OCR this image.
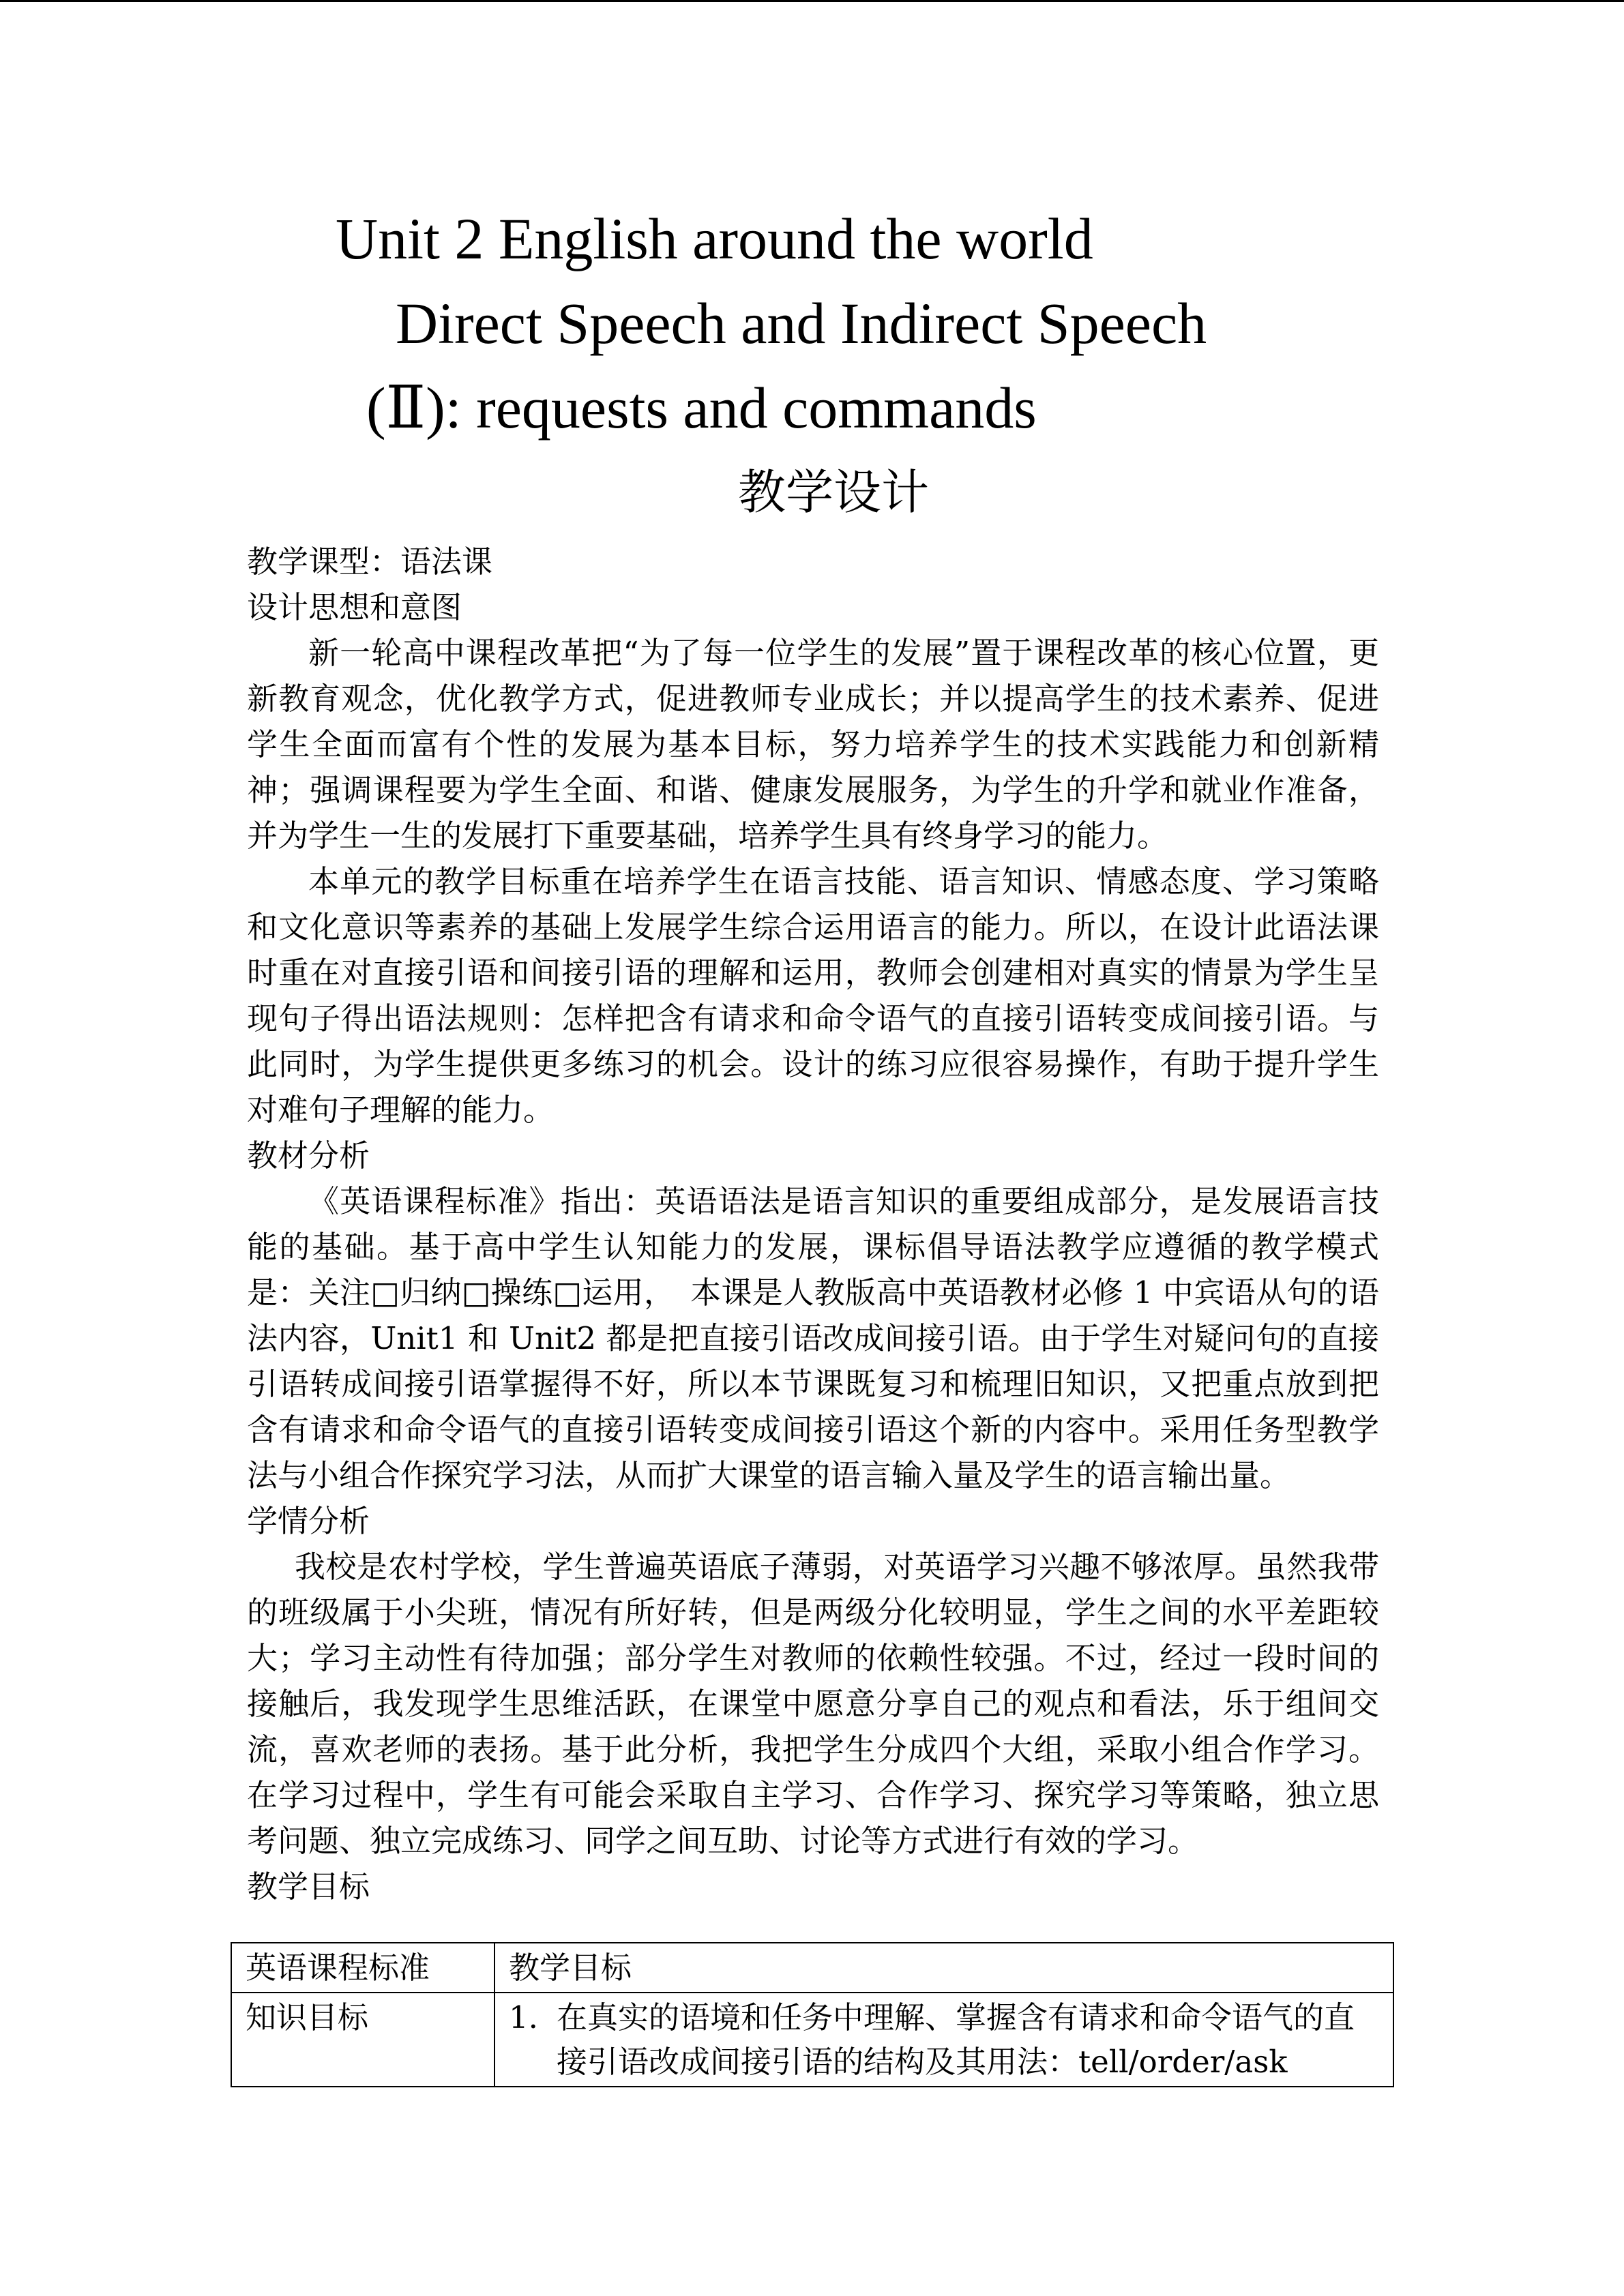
Unit 2 English around the world
Direct Speech and Indirect Speech
(Ⅱ): requests and commands
教学设计

教学课型：语法课

设计思想和意图

新一轮高中课程改革把“为了每一位学生的发展”置于课程改革的核心位置，更新教育观念，优化教学方式，促进教师专业成长；并以提高学生的技术素养、促进学生全面而富有个性的发展为基本目标，努力培养学生的技术实践能力和创新精神；强调课程要为学生全面、和谐、健康发展服务，为学生的升学和就业作准备，并为学生一生的发展打下重要基础，培养学生具有终身学习的能力。

本单元的教学目标重在培养学生在语言技能、语言知识、情感态度、学习策略和文化意识等素养的基础上发展学生综合运用语言的能力。所以，在设计此语法课时重在对直接引语和间接引语的理解和运用，教师会创建相对真实的情景为学生呈现句子得出语法规则：怎样把含有请求和命令语气的直接引语转变成间接引语。与此同时，为学生提供更多练习的机会。设计的练习应很容易操作，有助于提升学生对难句子理解的能力。

教材分析

《英语课程标准》指出：英语语法是语言知识的重要组成部分，是发展语言技能的基础。基于高中学生认知能力的发展，课标倡导语法教学应遵循的教学模式是：关注□归纳□操练□运用，　本课是人教版高中英语教材必修 1 中宾语从句的语法内容，Unit1 和 Unit2 都是把直接引语改成间接引语。由于学生对疑问句的直接引语转成间接引语掌握得不好，所以本节课既复习和梳理旧知识，又把重点放到把含有请求和命令语气的直接引语转变成间接引语这个新的内容中。采用任务型教学法与小组合作探究学习法，从而扩大课堂的语言输入量及学生的语言输出量。

学情分析

我校是农村学校，学生普遍英语底子薄弱，对英语学习兴趣不够浓厚。虽然我带的班级属于小尖班，情况有所好转，但是两级分化较明显，学生之间的水平差距较大；学习主动性有待加强；部分学生对教师的依赖性较强。不过，经过一段时间的接触后，我发现学生思维活跃，在课堂中愿意分享自己的观点和看法，乐于组间交流，喜欢老师的表扬。基于此分析，我把学生分成四个大组，采取小组合作学习。在学习过程中，学生有可能会采取自主学习、合作学习、探究学习等策略，独立思考问题、独立完成练习、同学之间互助、讨论等方式进行有效的学习。

教学目标

英语课程标准	教学目标
知识目标	1. 在真实的语境和任务中理解、掌握含有请求和命令语气的直接引语改成间接引语的结构及其用法：tell/order/ask
